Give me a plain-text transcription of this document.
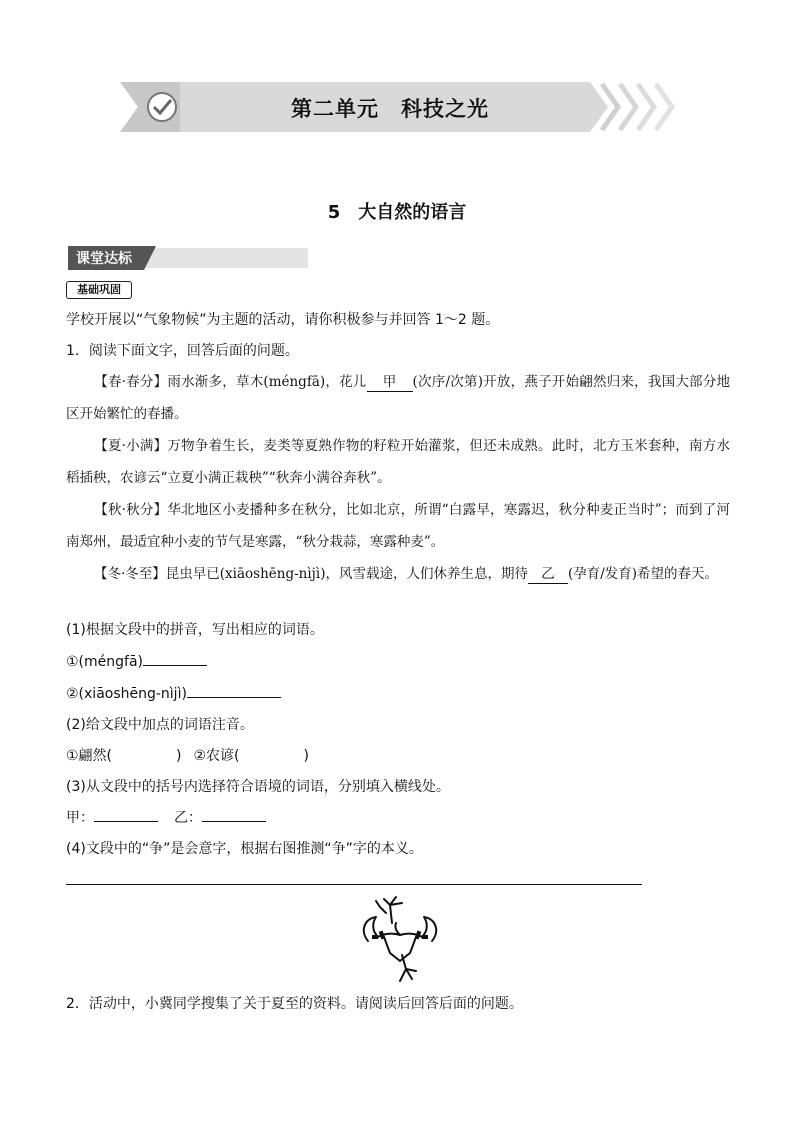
第二单元　科技之光
5　大自然的语言
课堂达标
基础巩固
学校开展以“气象物候”为主题的活动，请你积极参与并回答 1～2 题。
1．阅读下面文字，回答后面的问题。
【春·春分】雨水渐多，草木(méngfā)，花儿 甲 (次序/次第)开放，燕子开始翩然归来，我国大部分地区开始繁忙的春播。
【夏·小满】万物争着生长，麦类等夏熟作物的籽粒开始灌浆，但还未成熟。此时，北方玉米套种，南方水稻插秧，农谚云“立夏小满正栽秧”“秋奔小满谷奔秋”。
【秋·秋分】华北地区小麦播种多在秋分，比如北京，所谓“白露早，寒露迟，秋分种麦正当时”；而到了河南郑州，最适宜种小麦的节气是寒露，“秋分栽蒜，寒露种麦”。
【冬·冬至】昆虫早已(xiāoshēng-nìjì)，风雪载途，人们休养生息，期待 乙 (孕育/发育)希望的春天。
(1)根据文段中的拼音，写出相应的词语。
①(méngfā)
②(xiāoshēng-nìjì)
(2)给文段中加点的词语注音。
①翩然(	) ②农谚(	)
(3)从文段中的括号内选择符合语境的词语，分别填入横线处。
甲：	乙：
(4)文段中的“争”是会意字，根据右图推测“争”字的本义。
2．活动中，小冀同学搜集了关于夏至的资料。请阅读后回答后面的问题。
